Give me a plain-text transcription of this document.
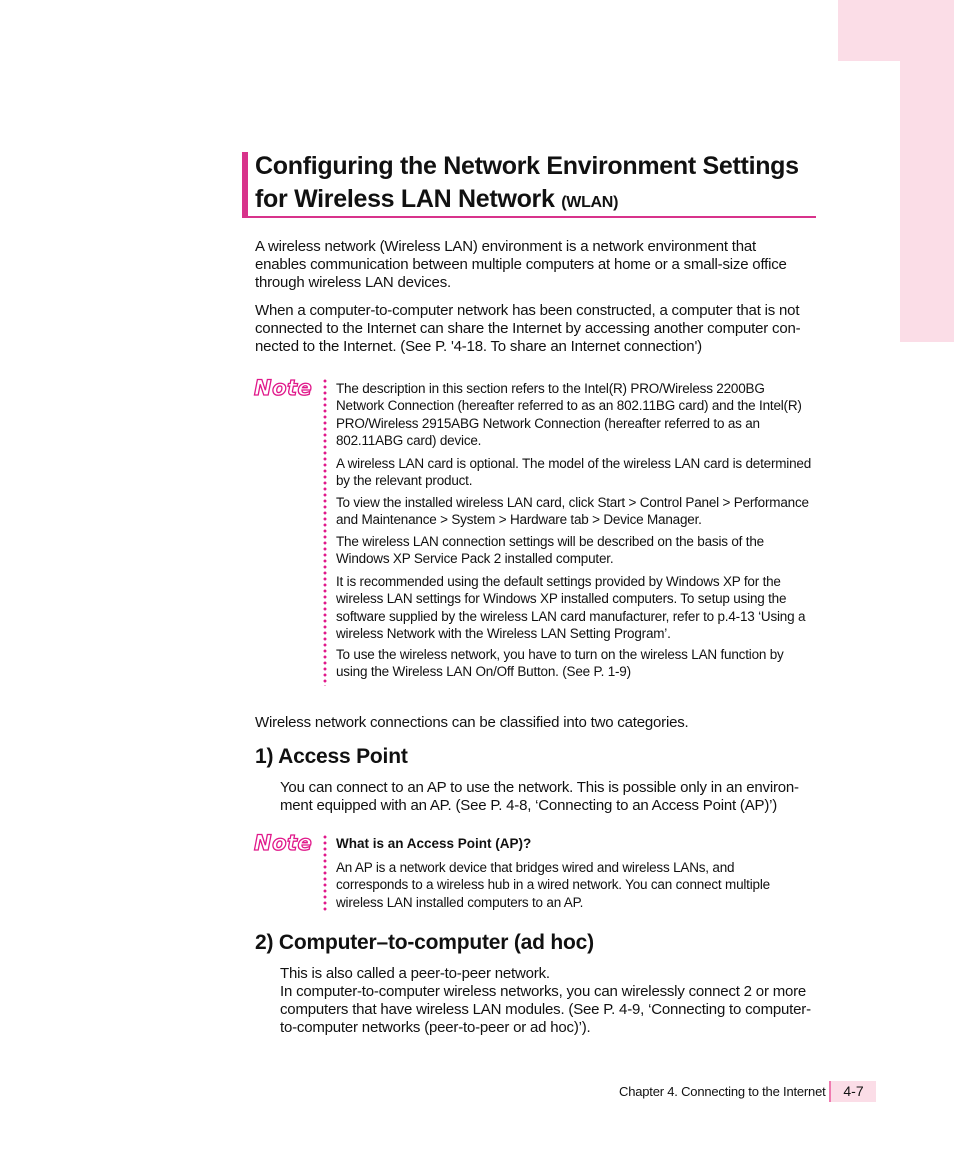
Configuring the Network Environment Settings for Wireless LAN Network (WLAN)

A wireless network (Wireless LAN) environment is a network environment that enables communication between multiple computers at home or a small-size office through wireless LAN devices.

When a computer-to-computer network has been constructed, a computer that is not connected to the Internet can share the Internet by accessing another computer con-nected to the Internet. (See P. '4-18. To share an Internet connection')

Note The description in this section refers to the Intel(R) PRO/Wireless 2200BG Network Connection (hereafter referred to as an 802.11BG card) and the Intel(R) PRO/Wireless 2915ABG Network Connection (hereafter referred to as an 802.11ABG card) device.

A wireless LAN card is optional. The model of the wireless LAN card is determined by the relevant product.

To view the installed wireless LAN card, click Start > Control Panel > Performance and Maintenance > System > Hardware tab > Device Manager.

The wireless LAN connection settings will be described on the basis of the Windows XP Service Pack 2 installed computer.

It is recommended using the default settings provided by Windows XP for the wireless LAN settings for Windows XP installed computers. To setup using the software supplied by the wireless LAN card manufacturer, refer to p.4-13 ‘Using a wireless Network with the Wireless LAN Setting Program’.

To use the wireless network, you have to turn on the wireless LAN function by using the Wireless LAN On/Off Button. (See P. 1-9)

Wireless network connections can be classified into two categories.

1) Access Point

You can connect to an AP to use the network. This is possible only in an environ-ment equipped with an AP. (See P. 4-8, ‘Connecting to an Access Point (AP)’)

Note What is an Access Point (AP)?

An AP is a network device that bridges wired and wireless LANs, and corresponds to a wireless hub in a wired network. You can connect multiple wireless LAN installed computers to an AP.

2) Computer–to-computer (ad hoc)

This is also called a peer-to-peer network.

In computer-to-computer wireless networks, you can wirelessly connect 2 or more computers that have wireless LAN modules. (See P. 4-9, ‘Connecting to computer-to-computer networks (peer-to-peer or ad hoc)’).

Chapter 4. Connecting to the Internet	4-7
